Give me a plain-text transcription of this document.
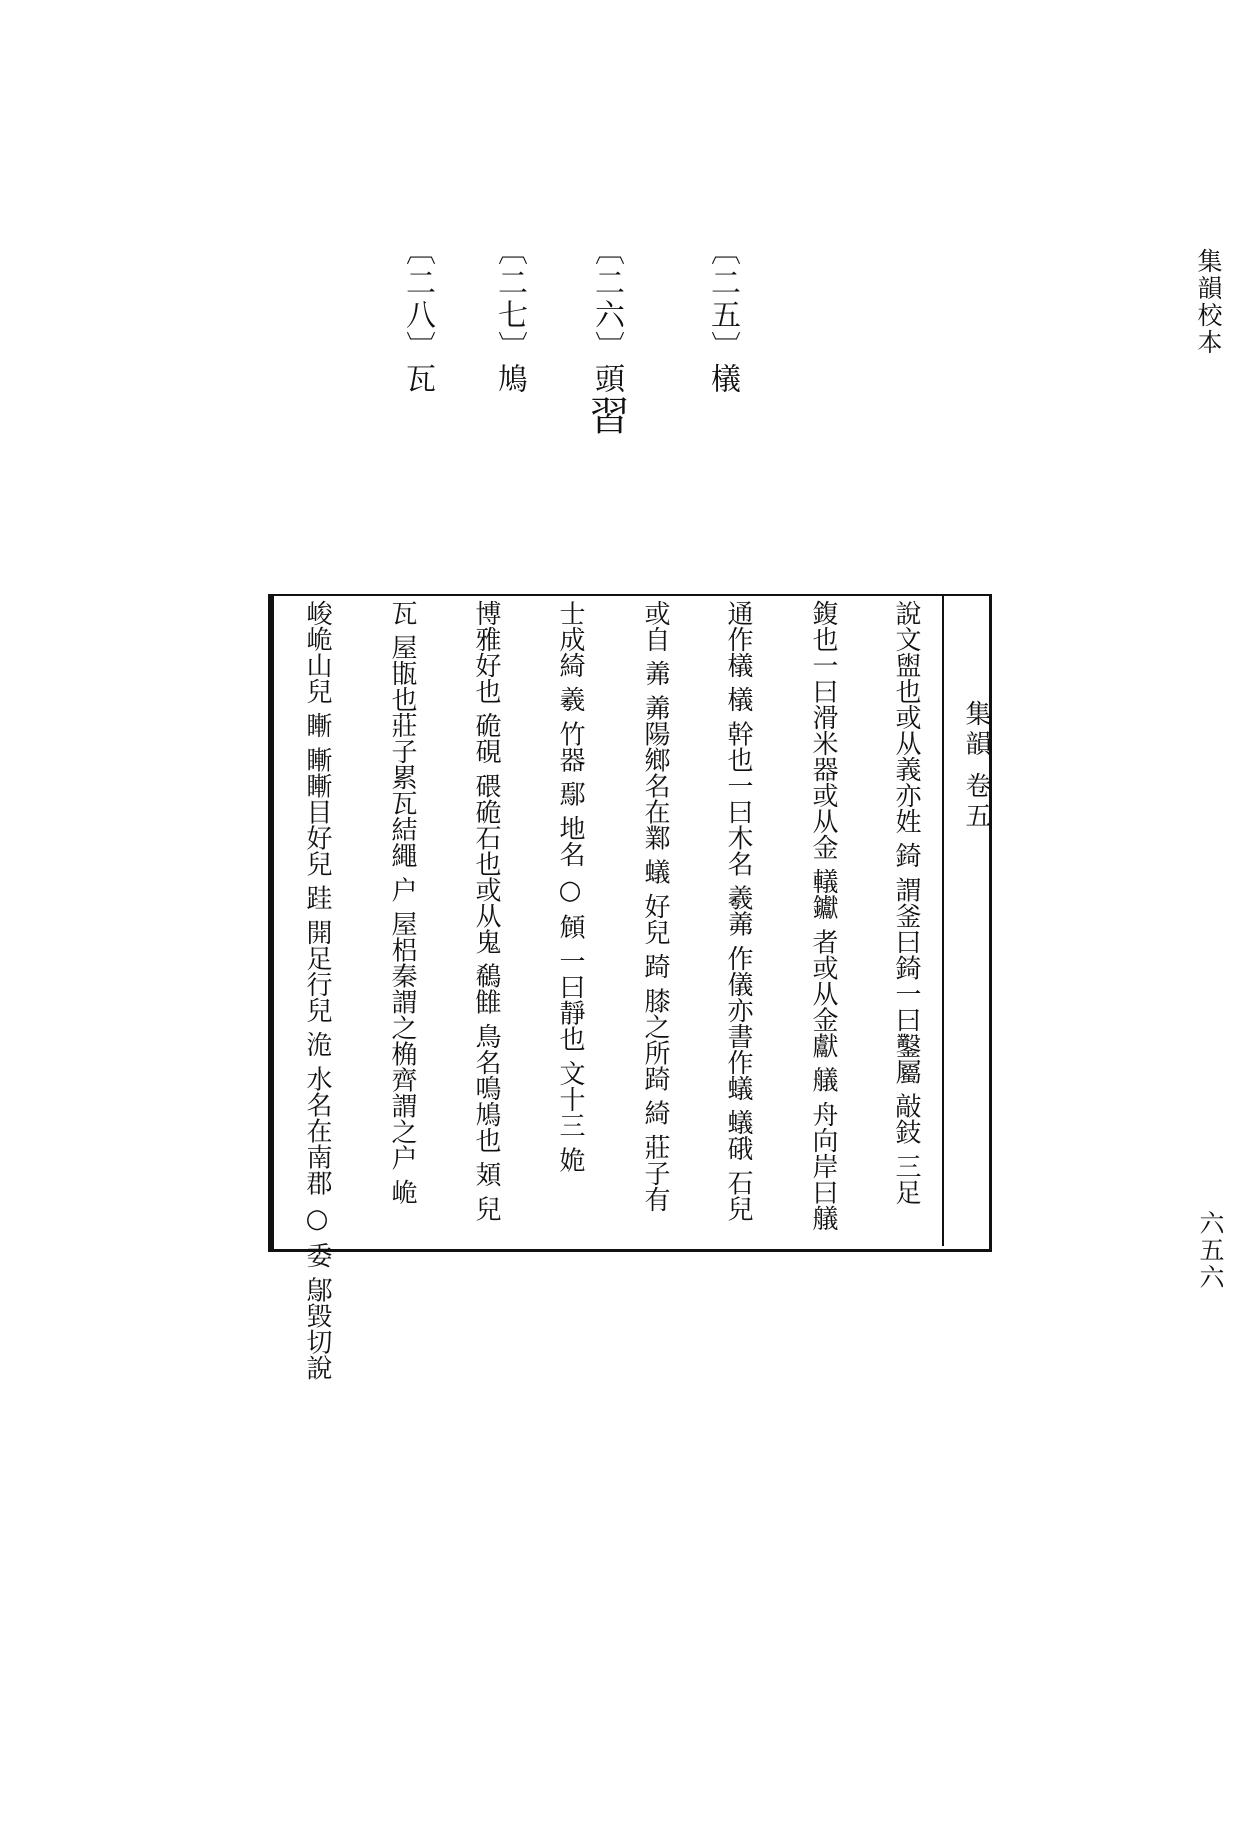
集韻校本
〔二五〕檥
〔二六〕頭習
〔二七〕鳩
〔二八〕瓦
集韻 卷五
說文盥也或从義亦姓 錡 謂釜曰錡一曰鑿屬 敲鈘 三足
鍑也一曰滑米器或从金 轙钀 者或从金獻 艤 舟向岸曰艤
通作檥 檥 幹也一曰木名 羲羛 作儀亦書作蟻 蟻硪 石兒
或自 羛 羛陽鄉名在鄴 蟻 好兒 踦 膝之所踦 綺 莊子有
士成綺 羲 竹器 鄢 地名 ○ 頠 一曰靜也 文十三 姽
博雅好也 硊硯 碨硊石也或从鬼 鵗雔 鳥名鳴鳩也 頍 兒
瓦 屋㽍也莊子累瓦結繩 户 屋梠秦謂之桷齊謂之户 峗
峻峗山兒 䁪 䁪䁪目好兒 跬 開足行兒 洈 水名在南郡 ○ 委 鄔毀切說	六五六
